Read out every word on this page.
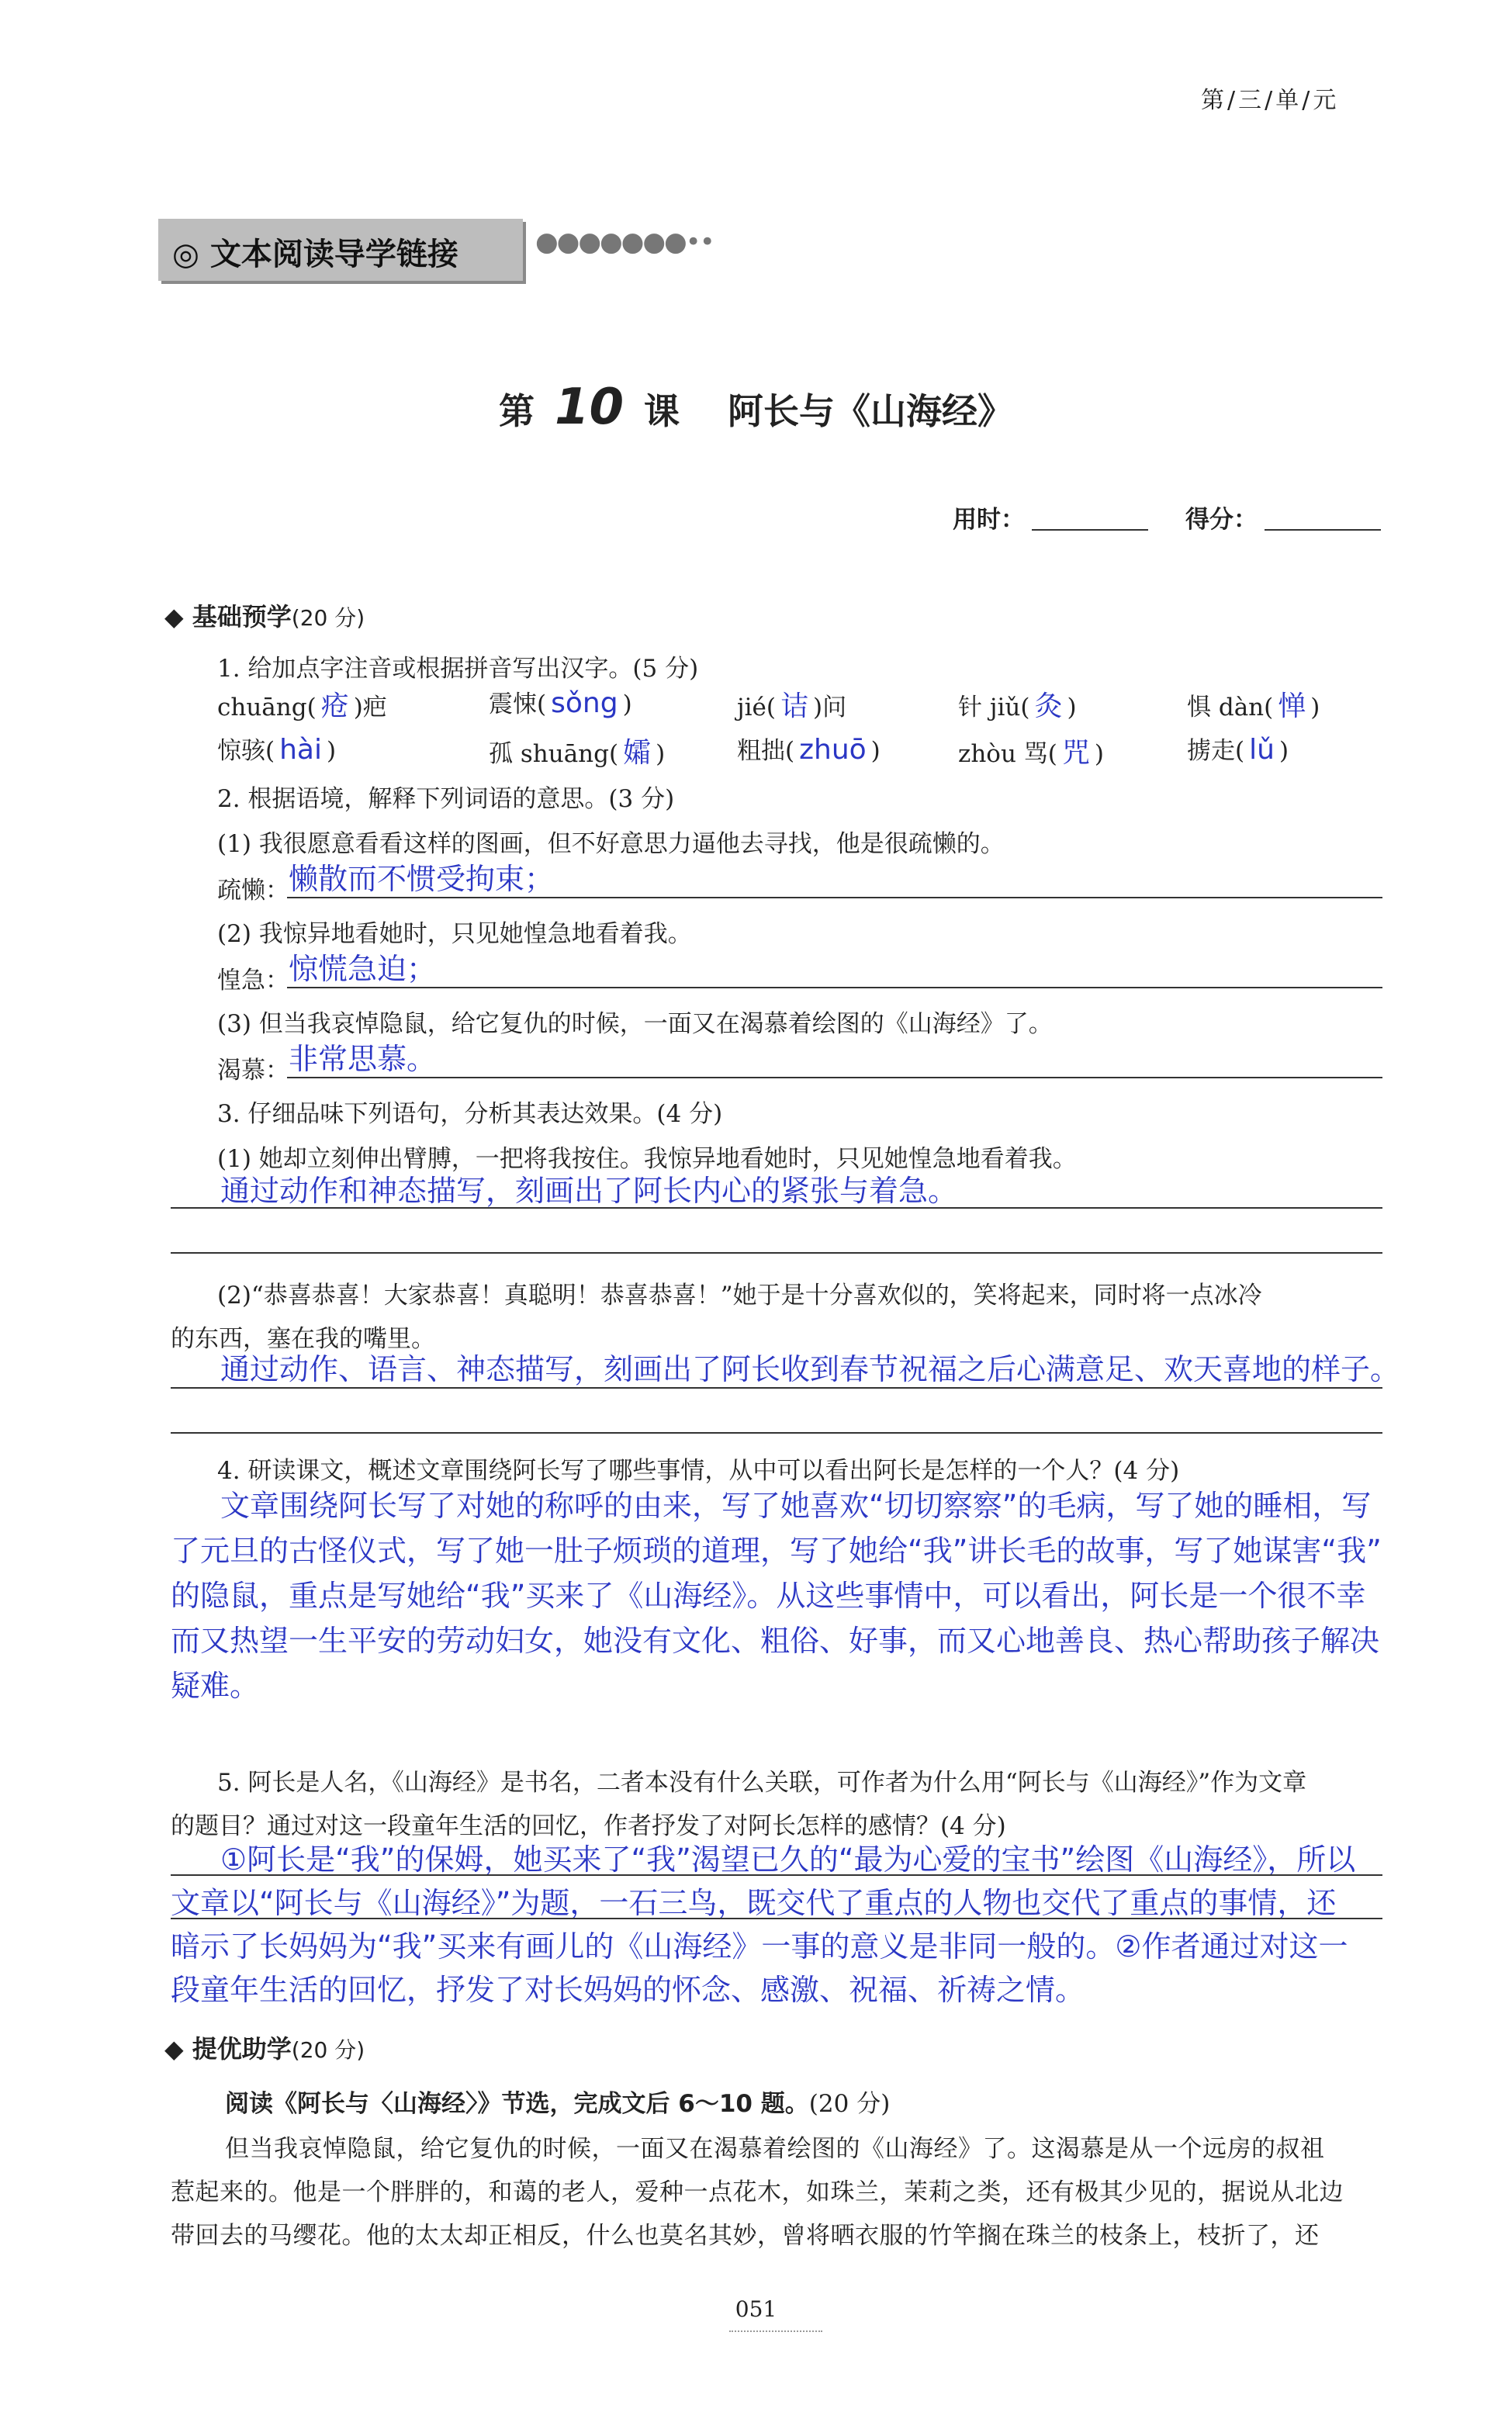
第/三/单/元
◎ 文本阅读导学链接	●●●●●●●••
第 10 课 阿长与《山海经》
用时：	得分：
◆ 基础预学(20 分)
1. 给加点字注音或根据拼音写出汉字。(5 分)
chuāng( 疮 )疤	震悚( sǒng )	jié( 诘 )问	针 jiǔ( 灸 )	惧 dàn( 惮 )
惊骇( hài )	孤 shuāng( 孀 )	粗拙( zhuō )	zhòu 骂( 咒 )	掳走( lǔ )
2. 根据语境，解释下列词语的意思。(3 分)
(1) 我很愿意看看这样的图画，但不好意思力逼他去寻找，他是很疏懒的。
疏懒： 懒散而不惯受拘束；
(2) 我惊异地看她时，只见她惶急地看着我。
惶急： 惊慌急迫；
(3) 但当我哀悼隐鼠，给它复仇的时候，一面又在渴慕着绘图的《山海经》了。
渴慕： 非常思慕。
3. 仔细品味下列语句，分析其表达效果。(4 分)
(1) 她却立刻伸出臂膊，一把将我按住。我惊异地看她时，只见她惶急地看着我。
通过动作和神态描写，刻画出了阿长内心的紧张与着急。
(2)“恭喜恭喜！大家恭喜！真聪明！恭喜恭喜！”她于是十分喜欢似的，笑将起来，同时将一点冰冷
的东西，塞在我的嘴里。
通过动作、语言、神态描写，刻画出了阿长收到春节祝福之后心满意足、欢天喜地的样子。
4. 研读课文，概述文章围绕阿长写了哪些事情，从中可以看出阿长是怎样的一个人？(4 分)
文章围绕阿长写了对她的称呼的由来，写了她喜欢“切切察察”的毛病，写了她的睡相，写
了元旦的古怪仪式，写了她一肚子烦琐的道理，写了她给“我”讲长毛的故事，写了她谋害“我”
的隐鼠，重点是写她给“我”买来了《山海经》。从这些事情中，可以看出，阿长是一个很不幸
而又热望一生平安的劳动妇女，她没有文化、粗俗、好事，而又心地善良、热心帮助孩子解决
疑难。
5. 阿长是人名，《山海经》是书名，二者本没有什么关联，可作者为什么用“阿长与《山海经》”作为文章
的题目？通过对这一段童年生活的回忆，作者抒发了对阿长怎样的感情？(4 分)
①阿长是“我”的保姆，她买来了“我”渴望已久的“最为心爱的宝书”绘图《山海经》，所以
文章以“阿长与《山海经》”为题，一石三鸟，既交代了重点的人物也交代了重点的事情，还
暗示了长妈妈为“我”买来有画儿的《山海经》一事的意义是非同一般的。②作者通过对这一
段童年生活的回忆，抒发了对长妈妈的怀念、感激、祝福、祈祷之情。
◆ 提优助学(20 分)
阅读《阿长与〈山海经〉》节选，完成文后 6～10 题。(20 分)
但当我哀悼隐鼠，给它复仇的时候，一面又在渴慕着绘图的《山海经》了。这渴慕是从一个远房的叔祖
惹起来的。他是一个胖胖的，和蔼的老人，爱种一点花木，如珠兰，茉莉之类，还有极其少见的，据说从北边
带回去的马缨花。他的太太却正相反，什么也莫名其妙，曾将晒衣服的竹竿搁在珠兰的枝条上，枝折了，还
051
